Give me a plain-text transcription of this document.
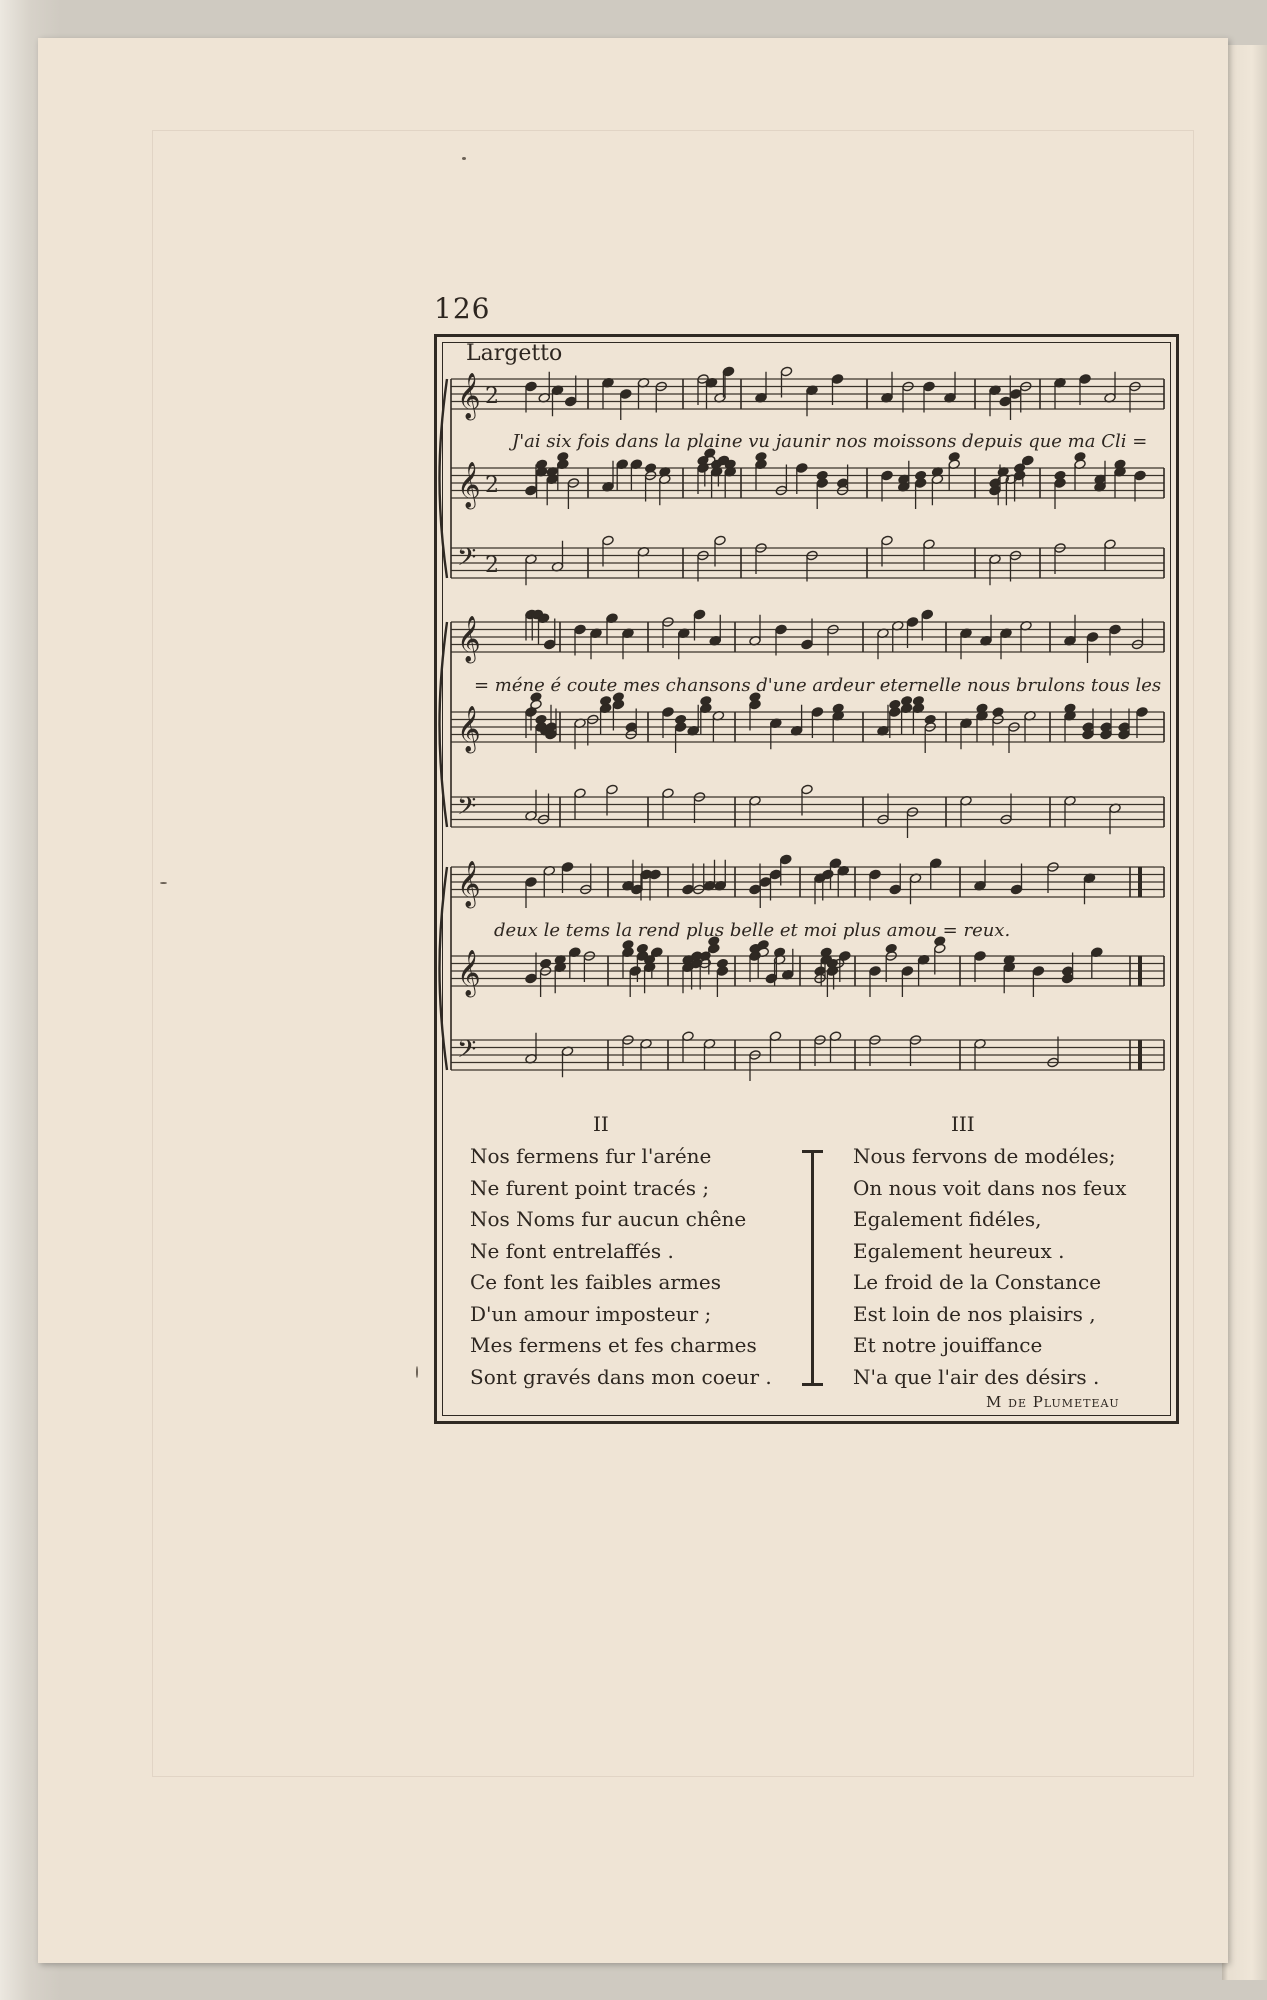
126
Largetto
𝄞 2
𝄞 2
𝄢 2
𝄞
𝄞
𝄢
𝄞
𝄞
𝄢
J'ai six fois dans la plaine vu jaunir nos moissons depuis que ma Cli =
= méne é coute mes chansons d'une ardeur eternelle nous brulons tous les
deux le tems la rend plus belle et moi plus amou = reux.
II
Nos fermens fur l'aréne
Ne furent point tracés ;
Nos Noms fur aucun chêne
Ne font entrelaffés .
Ce font les faibles armes
D'un amour imposteur ;
Mes fermens et fes charmes
Sont gravés dans mon coeur .
III
Nous fervons de modéles;
On nous voit dans nos feux
Egalement fidéles,
Egalement heureux .
Le froid de la Constance
Est loin de nos plaisirs ,
Et notre jouiffance
N'a que l'air des désirs .
M de Plumeteau
